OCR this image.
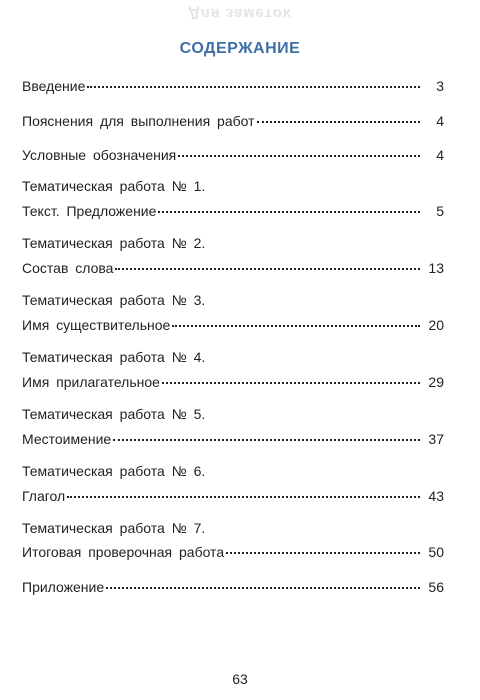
Для заметок
СОДЕРЖАНИЕ
Введение	3
Пояснения для выполнения работ	4
Условные обозначения	4
Тематическая работа № 1.
Текст. Предложение	5
Тематическая работа № 2.
Состав слова	13
Тематическая работа № 3.
Имя существительное	20
Тематическая работа № 4.
Имя прилагательное	29
Тематическая работа № 5.
Местоимение	37
Тематическая работа № 6.
Глагол	43
Тематическая работа № 7.
Итоговая проверочная работа	50
Приложение	56
63
